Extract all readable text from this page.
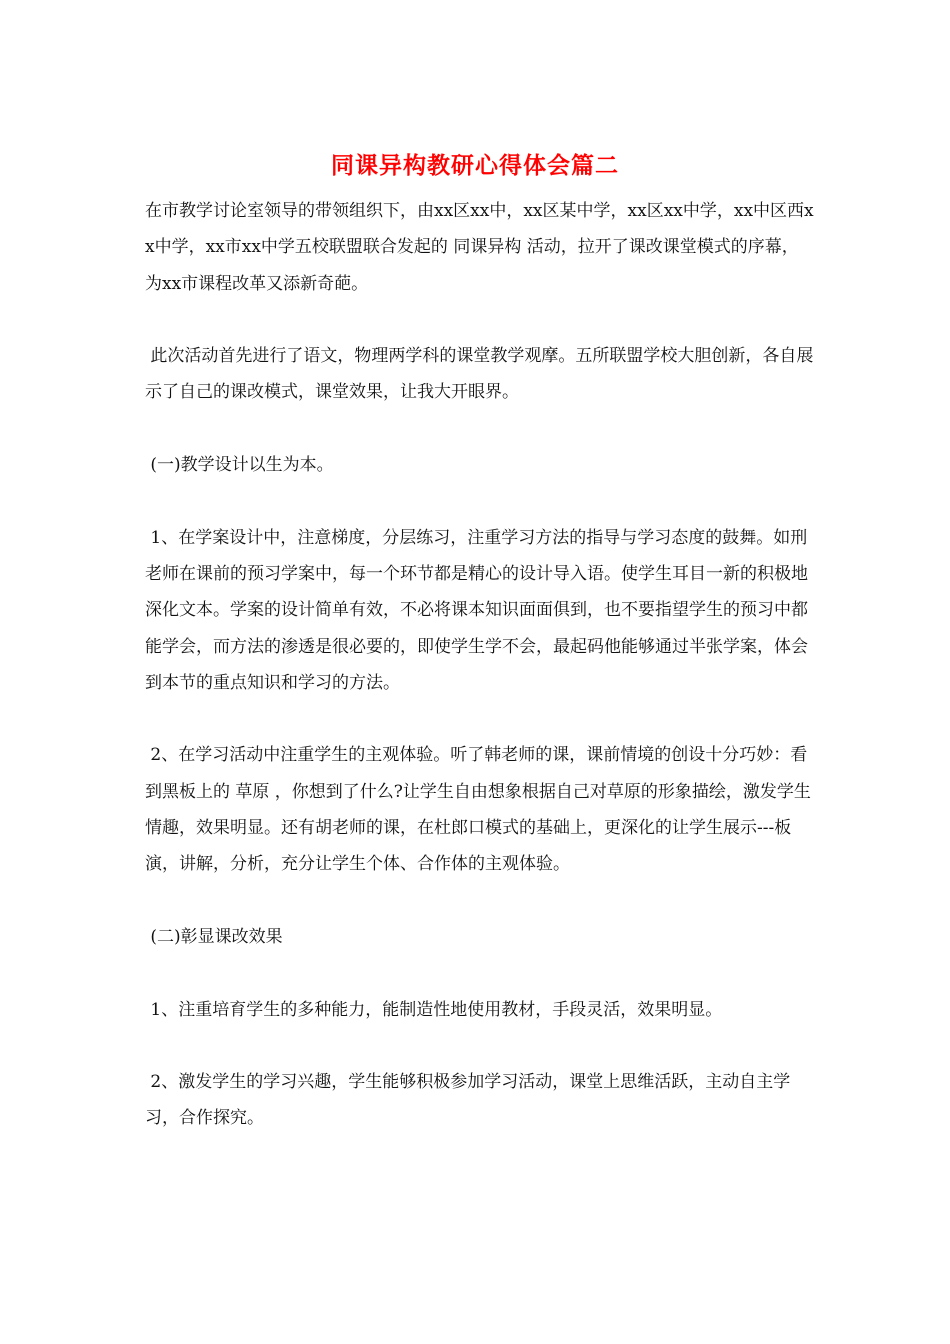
同课异构教研心得体会篇二

在市教学讨论室领导的带领组织下，由xx区xx中，xx区某中学，xx区xx中学，xx中区西xx中学，xx市xx中学五校联盟联合发起的 同课异构 活动，拉开了课改课堂模式的序幕，为xx市课程改革又添新奇葩。

此次活动首先进行了语文，物理两学科的课堂教学观摩。五所联盟学校大胆创新，各自展示了自己的课改模式，课堂效果，让我大开眼界。

(一)教学设计以生为本。

1、在学案设计中，注意梯度，分层练习，注重学习方法的指导与学习态度的鼓舞。如刑老师在课前的预习学案中，每一个环节都是精心的设计导入语。使学生耳目一新的积极地深化文本。学案的设计简单有效，不必将课本知识面面俱到，也不要指望学生的预习中都能学会，而方法的渗透是很必要的，即使学生学不会，最起码他能够通过半张学案，体会到本节的重点知识和学习的方法。

2、在学习活动中注重学生的主观体验。听了韩老师的课，课前情境的创设十分巧妙：看到黑板上的 草原 ，你想到了什么?让学生自由想象根据自己对草原的形象描绘，激发学生情趣，效果明显。还有胡老师的课，在杜郎口模式的基础上，更深化的让学生展示---板演，讲解，分析，充分让学生个体、合作体的主观体验。

(二)彰显课改效果

1、注重培育学生的多种能力，能制造性地使用教材，手段灵活，效果明显。

2、激发学生的学习兴趣，学生能够积极参加学习活动，课堂上思维活跃，主动自主学习，合作探究。
